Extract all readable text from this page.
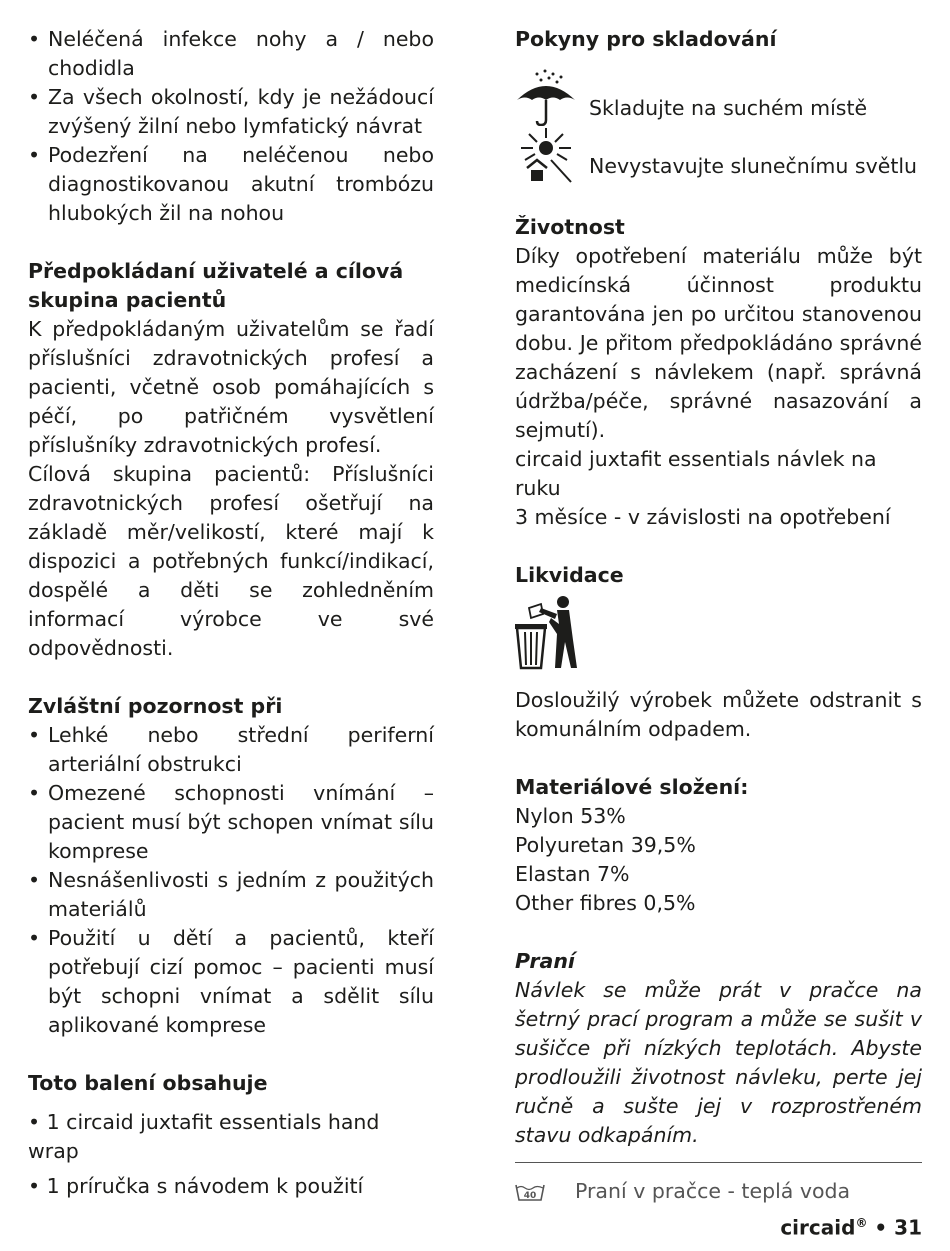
• Neléčená infekce nohy a / nebo chodidla
• Za všech okolností, kdy je nežádoucí zvýšený žilní nebo lymfatický návrat
• Podezření na neléčenou nebo diagnostikovanou akutní trombózu hlubokých žil na nohou

Předpokládaní uživatelé a cílová skupina pacientů

K předpokládaným uživatelům se řadí příslušníci zdravotnických profesí a pacienti, včetně osob pomáhajících s péčí, po patřičném vysvětlení příslušníky zdravotnických profesí.

Cílová skupina pacientů: Příslušníci zdravotnických profesí ošetřují na základě měr/velikostí, které mají k dispozici a potřebných funkcí/indikací, dospělé a děti se zohledněním informací výrobce ve své odpovědnosti.

Zvláštní pozornost při

• Lehké nebo střední periferní arteriální obstrukci
• Omezené schopnosti vnímání – pacient musí být schopen vnímat sílu komprese
• Nesnášenlivosti s jedním z použitých materiálů
• Použití u dětí a pacientů, kteří potřebují cizí pomoc – pacienti musí být schopni vnímat a sdělit sílu aplikované komprese

Toto balení obsahuje

• 1 circaid juxtafit essentials hand wrap
• 1 príručka s návodem k použití

Pokyny pro skladování

Skladujte na suchém místě
Nevystavujte slunečnímu světlu

Životnost

Díky opotřebení materiálu může být medicínská účinnost produktu garantována jen po určitou stanovenou dobu. Je přitom předpokládáno správné zacházení s návlekem (např. správná údržba/péče, správné nasazování a sejmutí).

circaid juxtafit essentials návlek na ruku

3 měsíce - v závislosti na opotřebení

Likvidace

Dosloužilý výrobek můžete odstranit s komunálním odpadem.

Materiálové složení:

Nylon 53%
Polyuretan 39,5%
Elastan 7%
Other fibres 0,5%

Praní

Návlek se může prát v pračce na šetrný prací program a může se sušit v sušičce při nízkých teplotách. Abyste prodloužili životnost návleku, perte jej ručně a sušte jej v rozprostřeném stavu odkapáním.

40 Praní v pračce - teplá voda
circaid® • 31
